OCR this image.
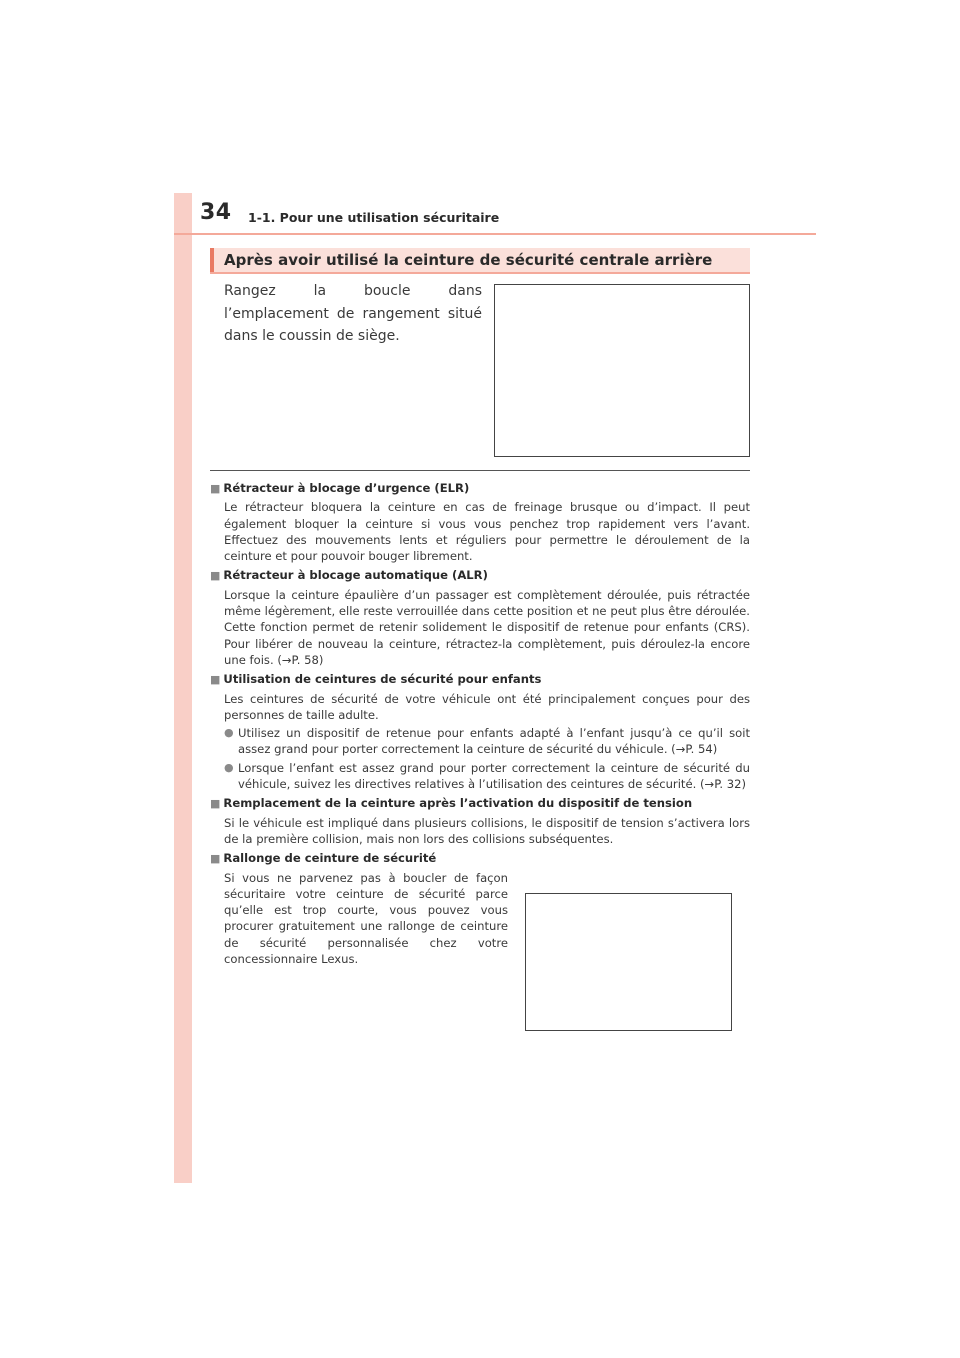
34 1-1. Pour une utilisation sécuritaire
Après avoir utilisé la ceinture de sécurité centrale arrière
Rangez la boucle dans l’emplacement de rangement situé dans le coussin de siège.
■ Rétracteur à blocage d’urgence (ELR)
Le rétracteur bloquera la ceinture en cas de freinage brusque ou d’impact. Il peut également bloquer la ceinture si vous vous penchez trop rapidement vers l’avant. Effectuez des mouvements lents et réguliers pour permettre le déroulement de la ceinture et pour pouvoir bouger librement.
■ Rétracteur à blocage automatique (ALR)
Lorsque la ceinture épaulière d’un passager est complètement déroulée, puis rétractée même légèrement, elle reste verrouillée dans cette position et ne peut plus être déroulée. Cette fonction permet de retenir solidement le dispositif de retenue pour enfants (CRS). Pour libérer de nouveau la ceinture, rétractez-la complètement, puis déroulez-la encore une fois. (→P. 58)
■ Utilisation de ceintures de sécurité pour enfants
Les ceintures de sécurité de votre véhicule ont été principalement conçues pour des personnes de taille adulte.
● Utilisez un dispositif de retenue pour enfants adapté à l’enfant jusqu’à ce qu’il soit assez grand pour porter correctement la ceinture de sécurité du véhicule. (→P. 54)
● Lorsque l’enfant est assez grand pour porter correctement la ceinture de sécurité du véhicule, suivez les directives relatives à l’utilisation des ceintures de sécurité. (→P. 32)
■ Remplacement de la ceinture après l’activation du dispositif de tension
Si le véhicule est impliqué dans plusieurs collisions, le dispositif de tension s’activera lors de la première collision, mais non lors des collisions subséquentes.
■ Rallonge de ceinture de sécurité
Si vous ne parvenez pas à boucler de façon sécuritaire votre ceinture de sécurité parce qu’elle est trop courte, vous pouvez vous procurer gratuitement une rallonge de ceinture de sécurité personnalisée chez votre concessionnaire Lexus.
